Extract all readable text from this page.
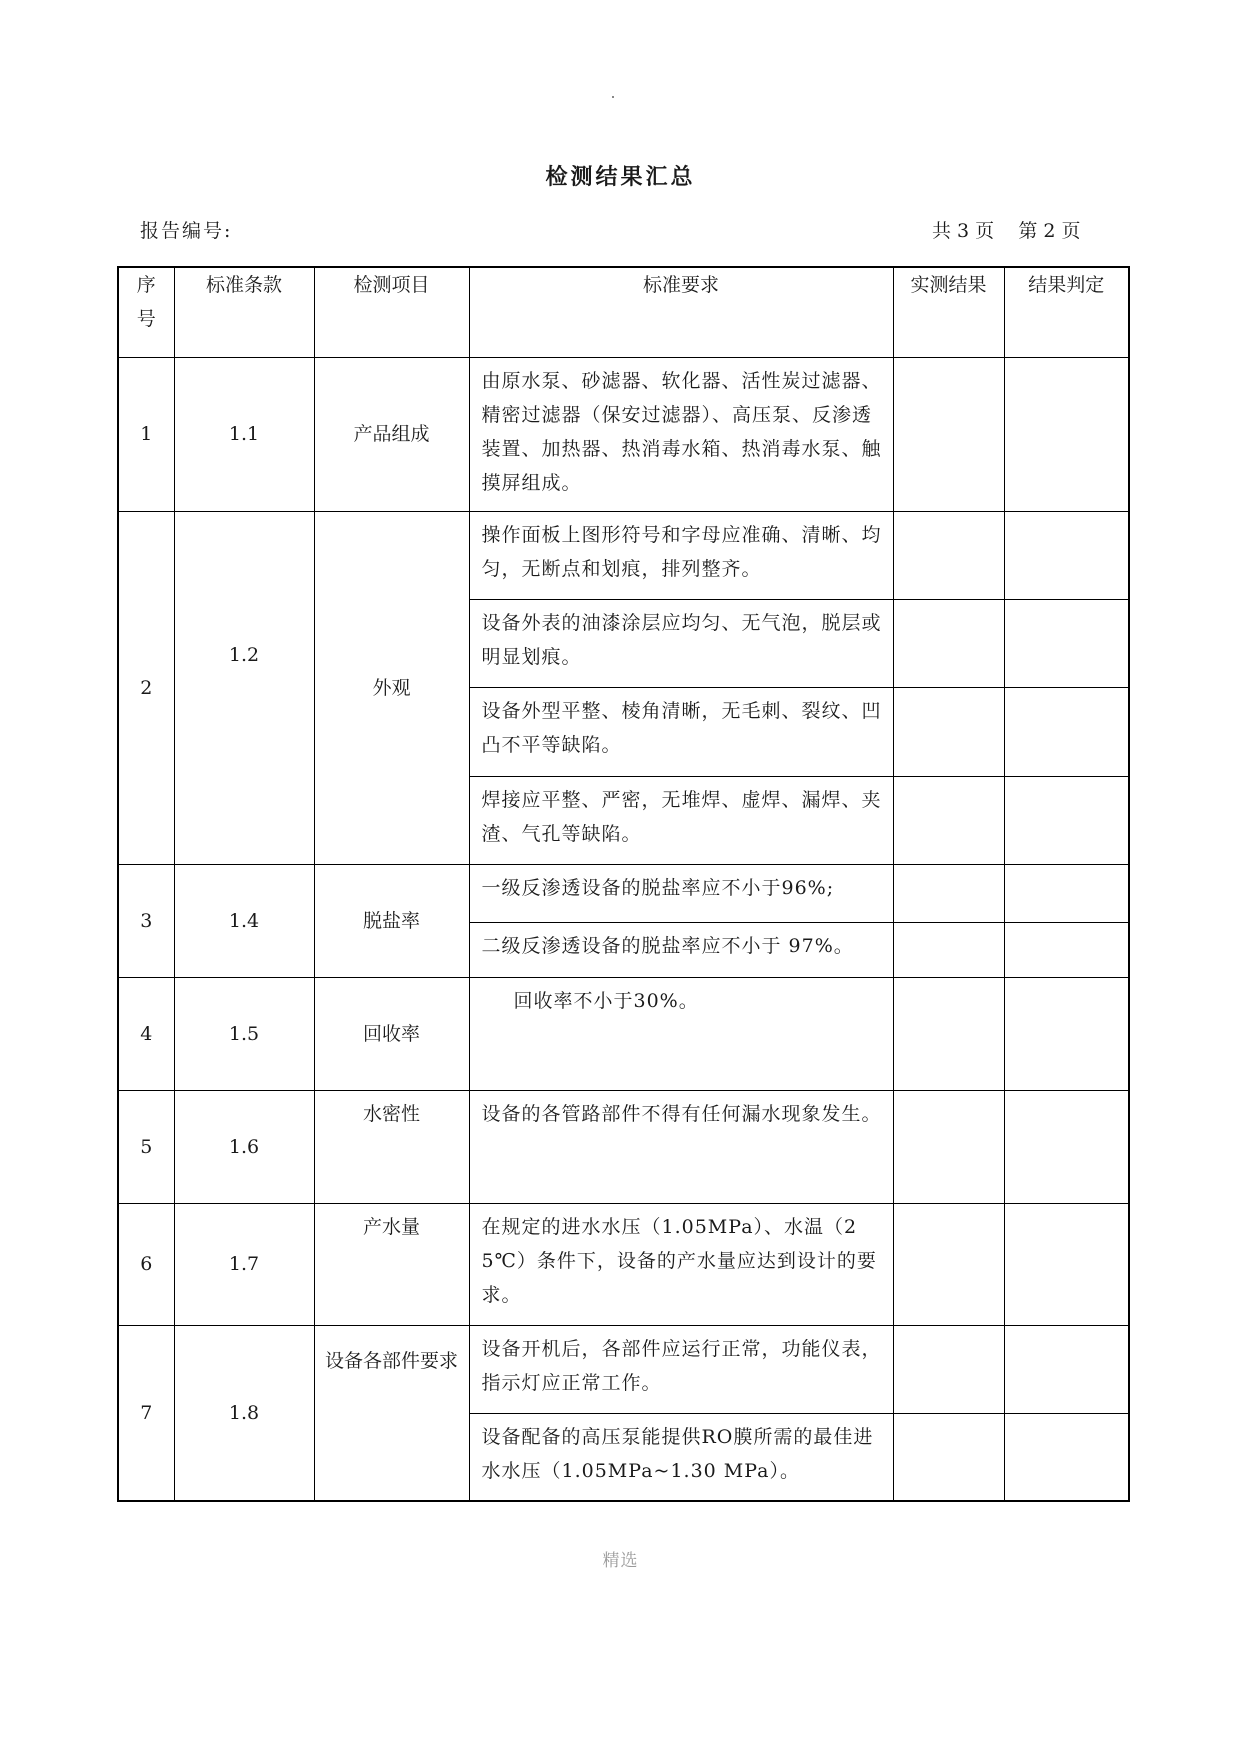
检测结果汇总
报告编号:	共 3 页    第 2 页
序
号	标准条款	检测项目	标准要求	实测结果	结果判定
1	1.1	产品组成	由原水泵、砂滤器、软化器、活性炭过滤器、精密过滤器（保安过滤器）、高压泵、反渗透装置、加热器、热消毒水箱、热消毒水泵、触摸屏组成。		
2	1.2	外观	操作面板上图形符号和字母应准确、清晰、均匀，无断点和划痕，排列整齐。		
			设备外表的油漆涂层应均匀、无气泡，脱层或明显划痕。		
			设备外型平整、棱角清晰，无毛刺、裂纹、凹凸不平等缺陷。		
			焊接应平整、严密，无堆焊、虚焊、漏焊、夹渣、气孔等缺陷。		
3	1.4	脱盐率	一级反渗透设备的脱盐率应不小于96%;		
			二级反渗透设备的脱盐率应不小于 97%。		
4	1.5	回收率	回收率不小于30%。		
5	1.6	水密性	设备的各管路部件不得有任何漏水现象发生。		
6	1.7	产水量	在规定的进水水压（1.05MPa）、水温（25℃）条件下，设备的产水量应达到设计的要求。		
7	1.8	设备各部件要求	设备开机后，各部件应运行正常，功能仪表，指示灯应正常工作。		
			设备配备的高压泵能提供RO膜所需的最佳进水水压（1.05MPa~1.30 MPa）。		
精选
